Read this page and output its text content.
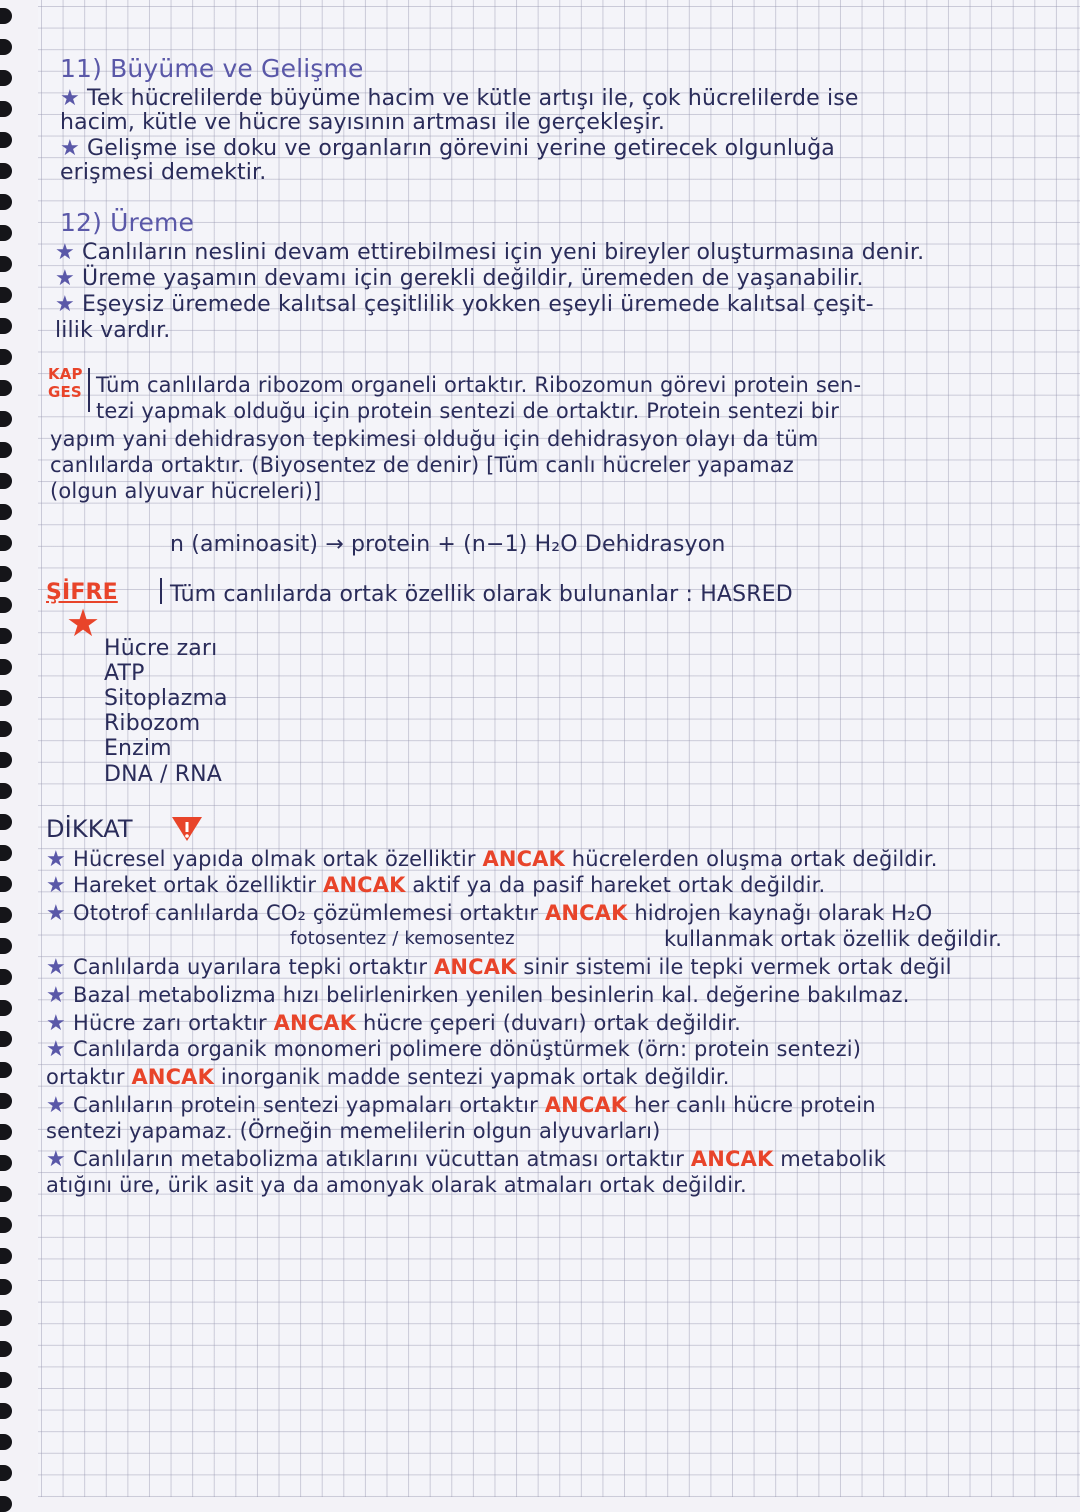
11) Büyüme ve Gelişme
★ Tek hücrelilerde büyüme hacim ve kütle artışı ile, çok hücrelilerde ise
hacim, kütle ve hücre sayısının artması ile gerçekleşir.
★ Gelişme ise doku ve organların görevini yerine getirecek olgunluğa
erişmesi demektir.
12) Üreme
★ Canlıların neslini devam ettirebilmesi için yeni bireyler oluşturmasına denir.
★ Üreme yaşamın devamı için gerekli değildir, üremeden de yaşanabilir.
★ Eşeysiz üremede kalıtsal çeşitlilik yokken eşeyli üremede kalıtsal çeşit-
lilik vardır.
KAP
GES Tüm canlılarda ribozom organeli ortaktır. Ribozomun görevi protein sen-
tezi yapmak olduğu için protein sentezi de ortaktır. Protein sentezi bir
yapım yani dehidrasyon tepkimesi olduğu için dehidrasyon olayı da tüm
canlılarda ortaktır. (Biyosentez de denir) [Tüm canlı hücreler yapamaz
(olgun alyuvar hücreleri)]
n (aminoasit) → protein + (n−1) H₂O Dehidrasyon
ŞİFRE Tüm canlılarda ortak özellik olarak bulunanlar : HASRED
★
Hücre zarı
ATP
Sitoplazma
Ribozom
Enzim
DNA / RNA
DİKKAT
★ Hücresel yapıda olmak ortak özelliktir ANCAK hücrelerden oluşma ortak değildir.
★ Hareket ortak özelliktir ANCAK aktif ya da pasif hareket ortak değildir.
★ Ototrof canlılarda CO₂ çözümlemesi ortaktır ANCAK hidrojen kaynağı olarak H₂O
fotosentez / kemosentez	kullanmak ortak özellik değildir.
★ Canlılarda uyarılara tepki ortaktır ANCAK sinir sistemi ile tepki vermek ortak değil
★ Bazal metabolizma hızı belirlenirken yenilen besinlerin kal. değerine bakılmaz.
★ Hücre zarı ortaktır ANCAK hücre çeperi (duvarı) ortak değildir.
★ Canlılarda organik monomeri polimere dönüştürmek (örn: protein sentezi)
ortaktır ANCAK inorganik madde sentezi yapmak ortak değildir.
★ Canlıların protein sentezi yapmaları ortaktır ANCAK her canlı hücre protein
sentezi yapamaz. (Örneğin memelilerin olgun alyuvarları)
★ Canlıların metabolizma atıklarını vücuttan atması ortaktır ANCAK metabolik
atığını üre, ürik asit ya da amonyak olarak atmaları ortak değildir.
